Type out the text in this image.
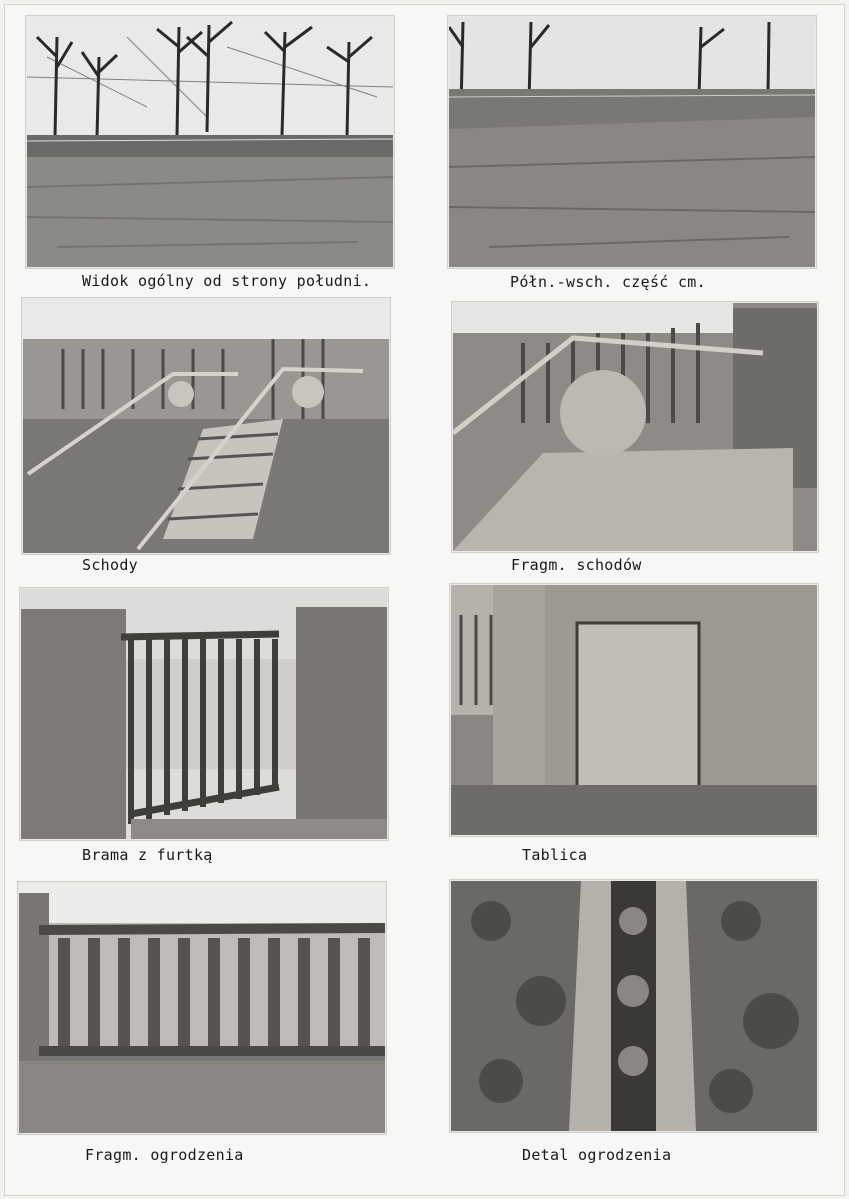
Widok ogólny od strony południ.	Półn.-wsch. część cm.
Schody	Fragm. schodów
Brama z furtką	Tablica
Fragm. ogrodzenia	Detal ogrodzenia
